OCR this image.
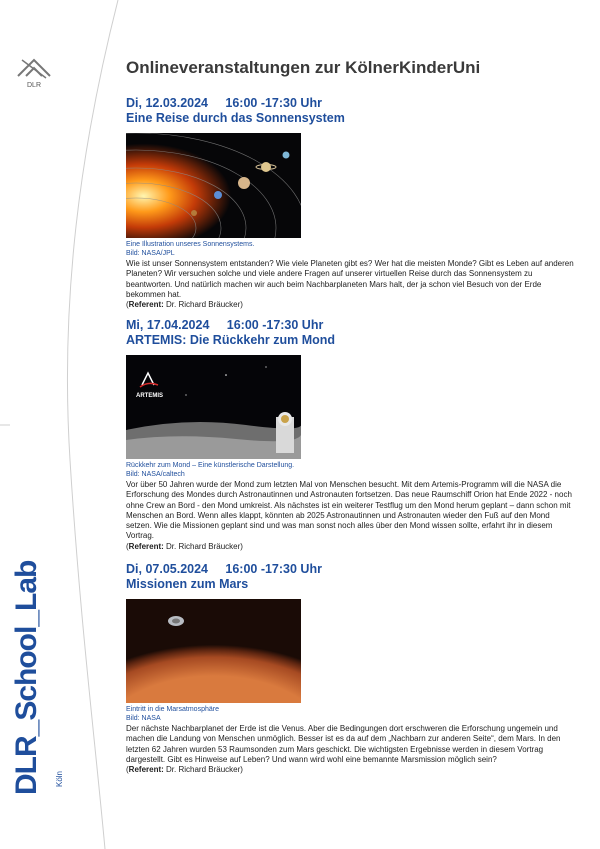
DLR
DLR_School_Lab Köln
Onlineveranstaltungen zur KölnerKinderUni
Di, 12.03.2024     16:00 -17:30 Uhr
Eine Reise durch das Sonnensystem
Eine Illustration unseres Sonnensystems.
Bild: NASA/JPL
Wie ist unser Sonnensystem entstanden? Wie viele Planeten gibt es? Wer hat die meisten Monde? Gibt es Leben auf anderen Planeten? Wir versuchen solche und viele andere Fragen auf unserer virtuellen Reise durch das Sonnensystem zu beantworten. Und natürlich machen wir auch beim Nachbarplaneten Mars halt, der ja schon viel Besuch von der Erde bekommen hat.
(Referent: Dr. Richard Bräucker)
Mi, 17.04.2024     16:00 -17:30 Uhr
ARTEMIS: Die Rückkehr zum Mond
ARTEMIS
Rückkehr zum Mond – Eine künstlerische Darstellung.
Bild: NASA/caltech
Vor über 50 Jahren wurde der Mond zum letzten Mal von Menschen besucht. Mit dem Artemis-Programm will die NASA die Erforschung des Mondes durch Astronautinnen und Astronauten fortsetzen. Das neue Raumschiff Orion hat Ende 2022 - noch ohne Crew an Bord - den Mond umkreist. Als nächstes ist ein weiterer Testflug um den Mond herum geplant – dann schon mit Menschen an Bord. Wenn alles klappt, könnten ab 2025 Astronautinnen und Astronauten wieder den Fuß auf den Mond setzen. Wie die Missionen geplant sind und was man sonst noch alles über den Mond wissen sollte, erfahrt ihr in diesem Vortrag.
(Referent: Dr. Richard Bräucker)
Di, 07.05.2024     16:00 -17:30 Uhr
Missionen zum Mars
Eintritt in die Marsatmosphäre
Bild: NASA
Der nächste Nachbarplanet der Erde ist die Venus. Aber die Bedingungen dort erschweren die Erforschung ungemein und machen die Landung von Menschen unmöglich. Besser ist es da auf dem „Nachbarn zur anderen Seite“, dem Mars. In den letzten 62 Jahren wurden 53 Raumsonden zum Mars geschickt. Die wichtigsten Ergebnisse werden in diesem Vortrag dargestellt. Gibt es Hinweise auf Leben? Und wann wird wohl eine bemannte Marsmission möglich sein?
(Referent: Dr. Richard Bräucker)
